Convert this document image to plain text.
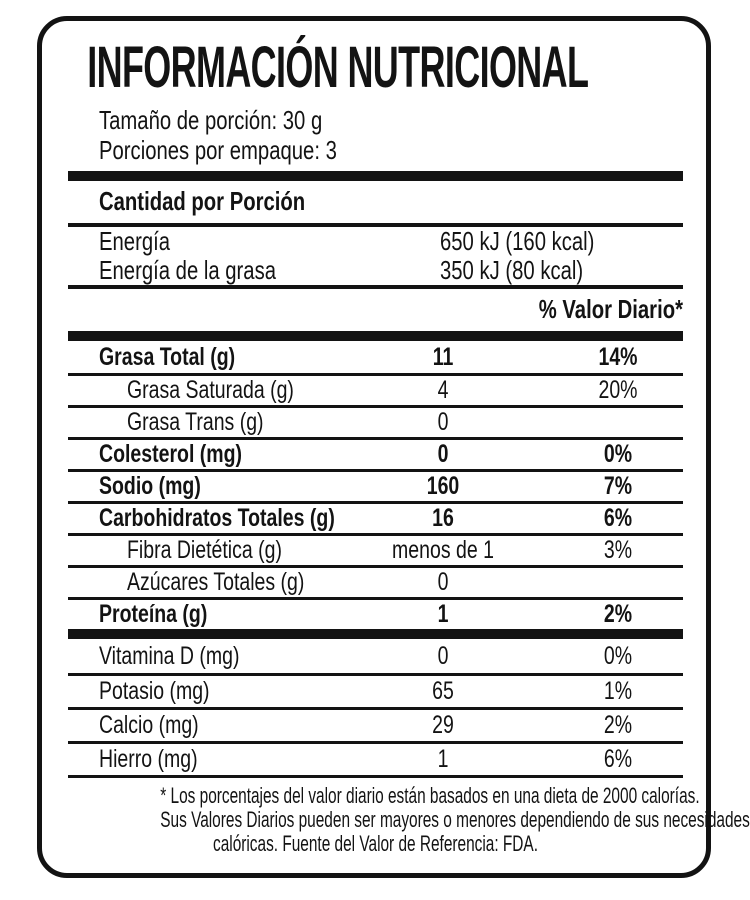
INFORMACIÓN NUTRICIONAL
Tamaño de porción: 30 g
Porciones por empaque: 3
Cantidad por Porción
Energía	650 kJ (160 kcal)
Energía de la grasa	350 kJ (80 kcal)
% Valor Diario*
Grasa Total (g)	11	14%
Grasa Saturada (g)	4	20%
Grasa Trans (g)	0
Colesterol (mg)	0	0%
Sodio (mg)	160	7%
Carbohidratos Totales (g)	16	6%
Fibra Dietética (g)	menos de 1	3%
Azúcares Totales (g)	0
Proteína (g)	1	2%
Vitamina D (mg)	0	0%
Potasio (mg)	65	1%
Calcio (mg)	29	2%
Hierro (mg)	1	6%
* Los porcentajes del valor diario están basados en una dieta de 2000 calorías.
Sus Valores Diarios pueden ser mayores o menores dependiendo de sus necesidades
calóricas. Fuente del Valor de Referencia: FDA.
